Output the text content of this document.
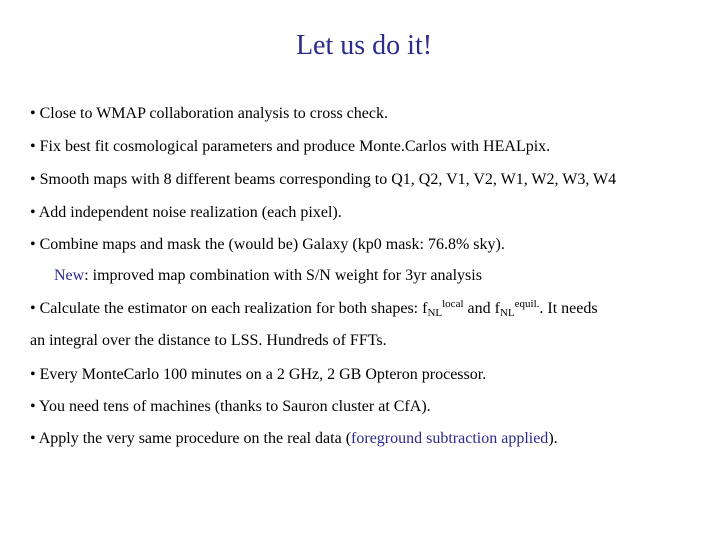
Let us do it!
• Close to WMAP collaboration analysis to cross check.
• Fix best fit cosmological parameters and produce Monte.Carlos with HEALpix.
• Smooth maps with 8 different beams corresponding to Q1, Q2, V1, V2, W1, W2, W3, W4
• Add independent noise realization (each pixel).
• Combine maps and mask the (would be) Galaxy (kp0 mask: 76.8% sky).
New: improved map combination with S/N weight for 3yr analysis
• Calculate the estimator on each realization for both shapes: $f_{NL}^{local}$ and $f_{NL}^{equil.}$. It needs
an integral over the distance to LSS. Hundreds of FFTs.
• Every MonteCarlo 100 minutes on a 2 GHz, 2 GB Opteron processor.
• You need tens of machines (thanks to Sauron cluster at CfA).
• Apply the very same procedure on the real data (foreground subtraction applied).
